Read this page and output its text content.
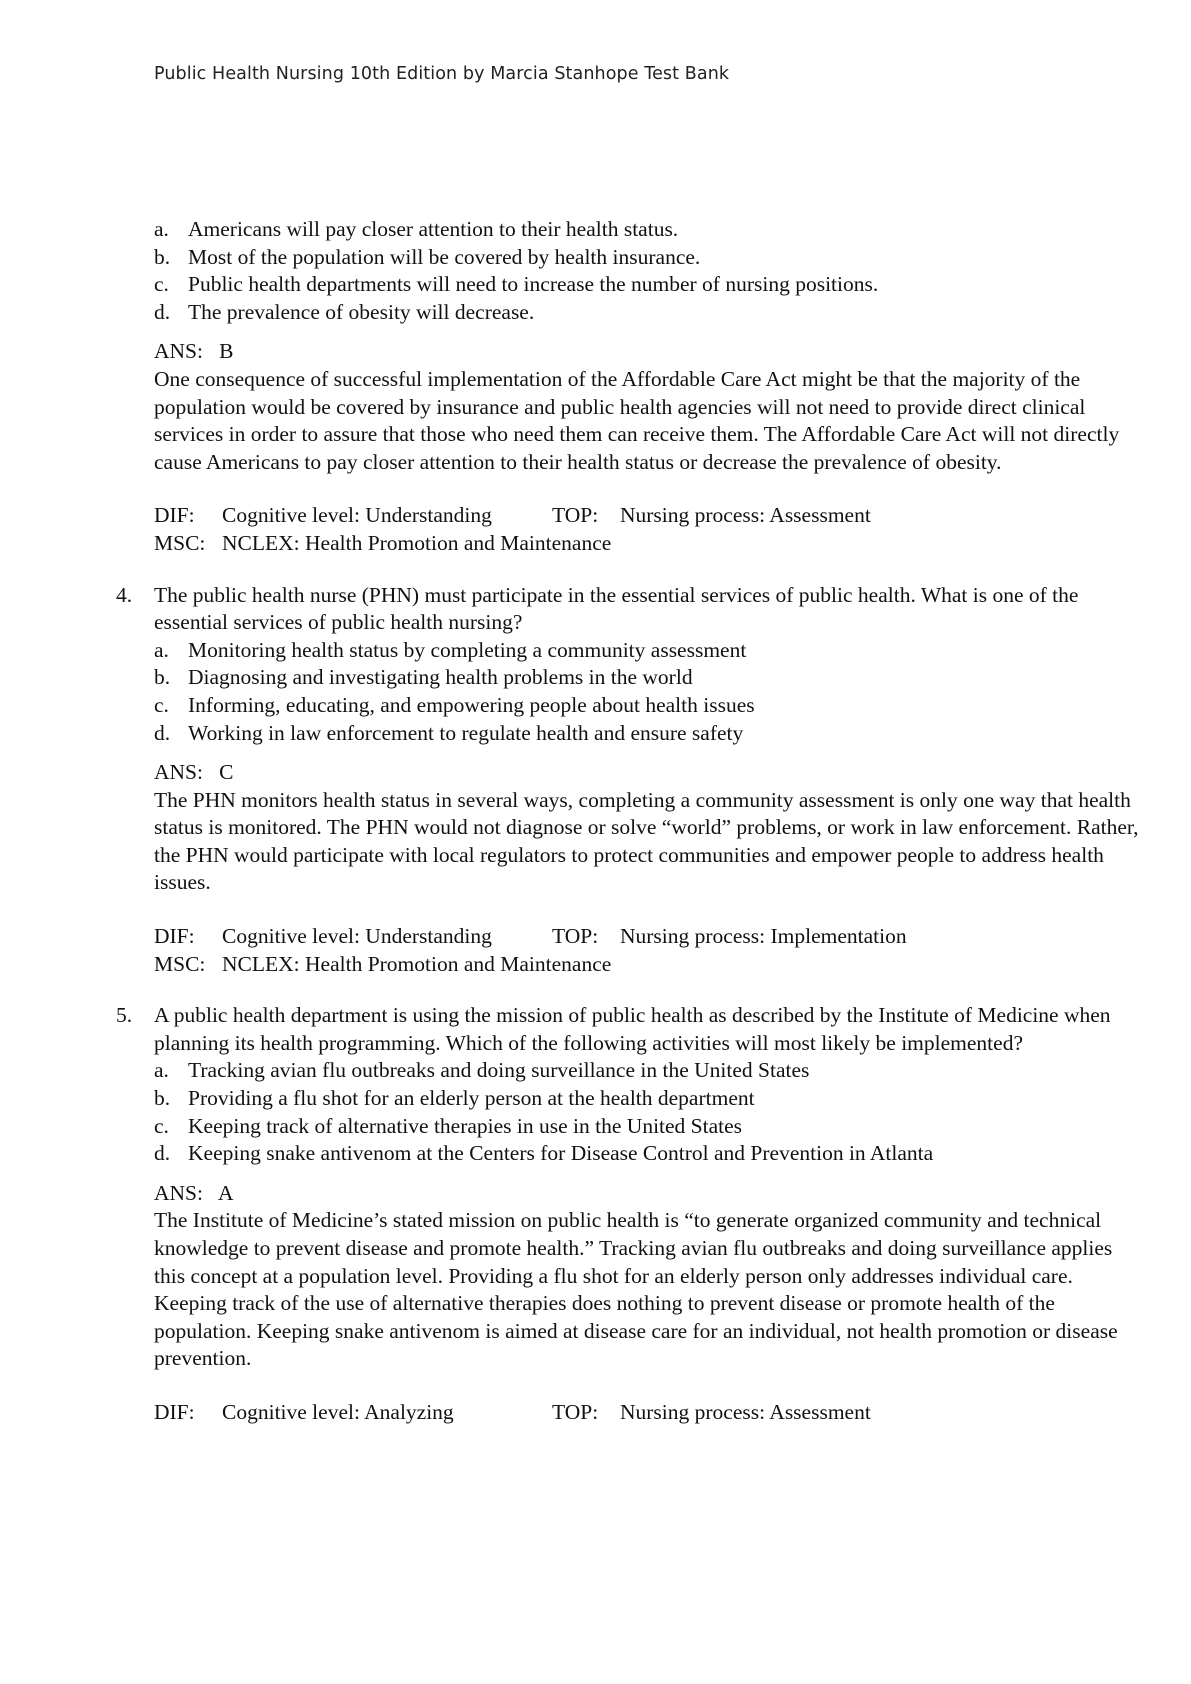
Public Health Nursing 10th Edition by Marcia Stanhope Test Bank
a. Americans will pay closer attention to their health status.
b. Most of the population will be covered by health insurance.
c. Public health departments will need to increase the number of nursing positions.
d. The prevalence of obesity will decrease.
ANS: B

One consequence of successful implementation of the Affordable Care Act might be that the majority of the population would be covered by insurance and public health agencies will not need to provide direct clinical services in order to assure that those who need them can receive them. The Affordable Care Act will not directly cause Americans to pay closer attention to their health status or decrease the prevalence of obesity.

DIF: Cognitive level: Understanding	TOP: Nursing process: Assessment
MSC: NCLEX: Health Promotion and Maintenance
4. The public health nurse (PHN) must participate in the essential services of public health. What is one of the essential services of public health nursing?
a. Monitoring health status by completing a community assessment
b. Diagnosing and investigating health problems in the world
c. Informing, educating, and empowering people about health issues
d. Working in law enforcement to regulate health and ensure safety
ANS: C

The PHN monitors health status in several ways, completing a community assessment is only one way that health status is monitored. The PHN would not diagnose or solve “world” problems, or work in law enforcement. Rather, the PHN would participate with local regulators to protect communities and empower people to address health issues.

DIF: Cognitive level: Understanding	TOP: Nursing process: Implementation
MSC: NCLEX: Health Promotion and Maintenance
5. A public health department is using the mission of public health as described by the Institute of Medicine when planning its health programming. Which of the following activities will most likely be implemented?
a. Tracking avian flu outbreaks and doing surveillance in the United States
b. Providing a flu shot for an elderly person at the health department
c. Keeping track of alternative therapies in use in the United States
d. Keeping snake antivenom at the Centers for Disease Control and Prevention in Atlanta
ANS: A

The Institute of Medicine’s stated mission on public health is “to generate organized community and technical knowledge to prevent disease and promote health.” Tracking avian flu outbreaks and doing surveillance applies this concept at a population level. Providing a flu shot for an elderly person only addresses individual care. Keeping track of the use of alternative therapies does nothing to prevent disease or promote health of the population. Keeping snake antivenom is aimed at disease care for an individual, not health promotion or disease prevention.

DIF: Cognitive level: Analyzing	TOP: Nursing process: Assessment
